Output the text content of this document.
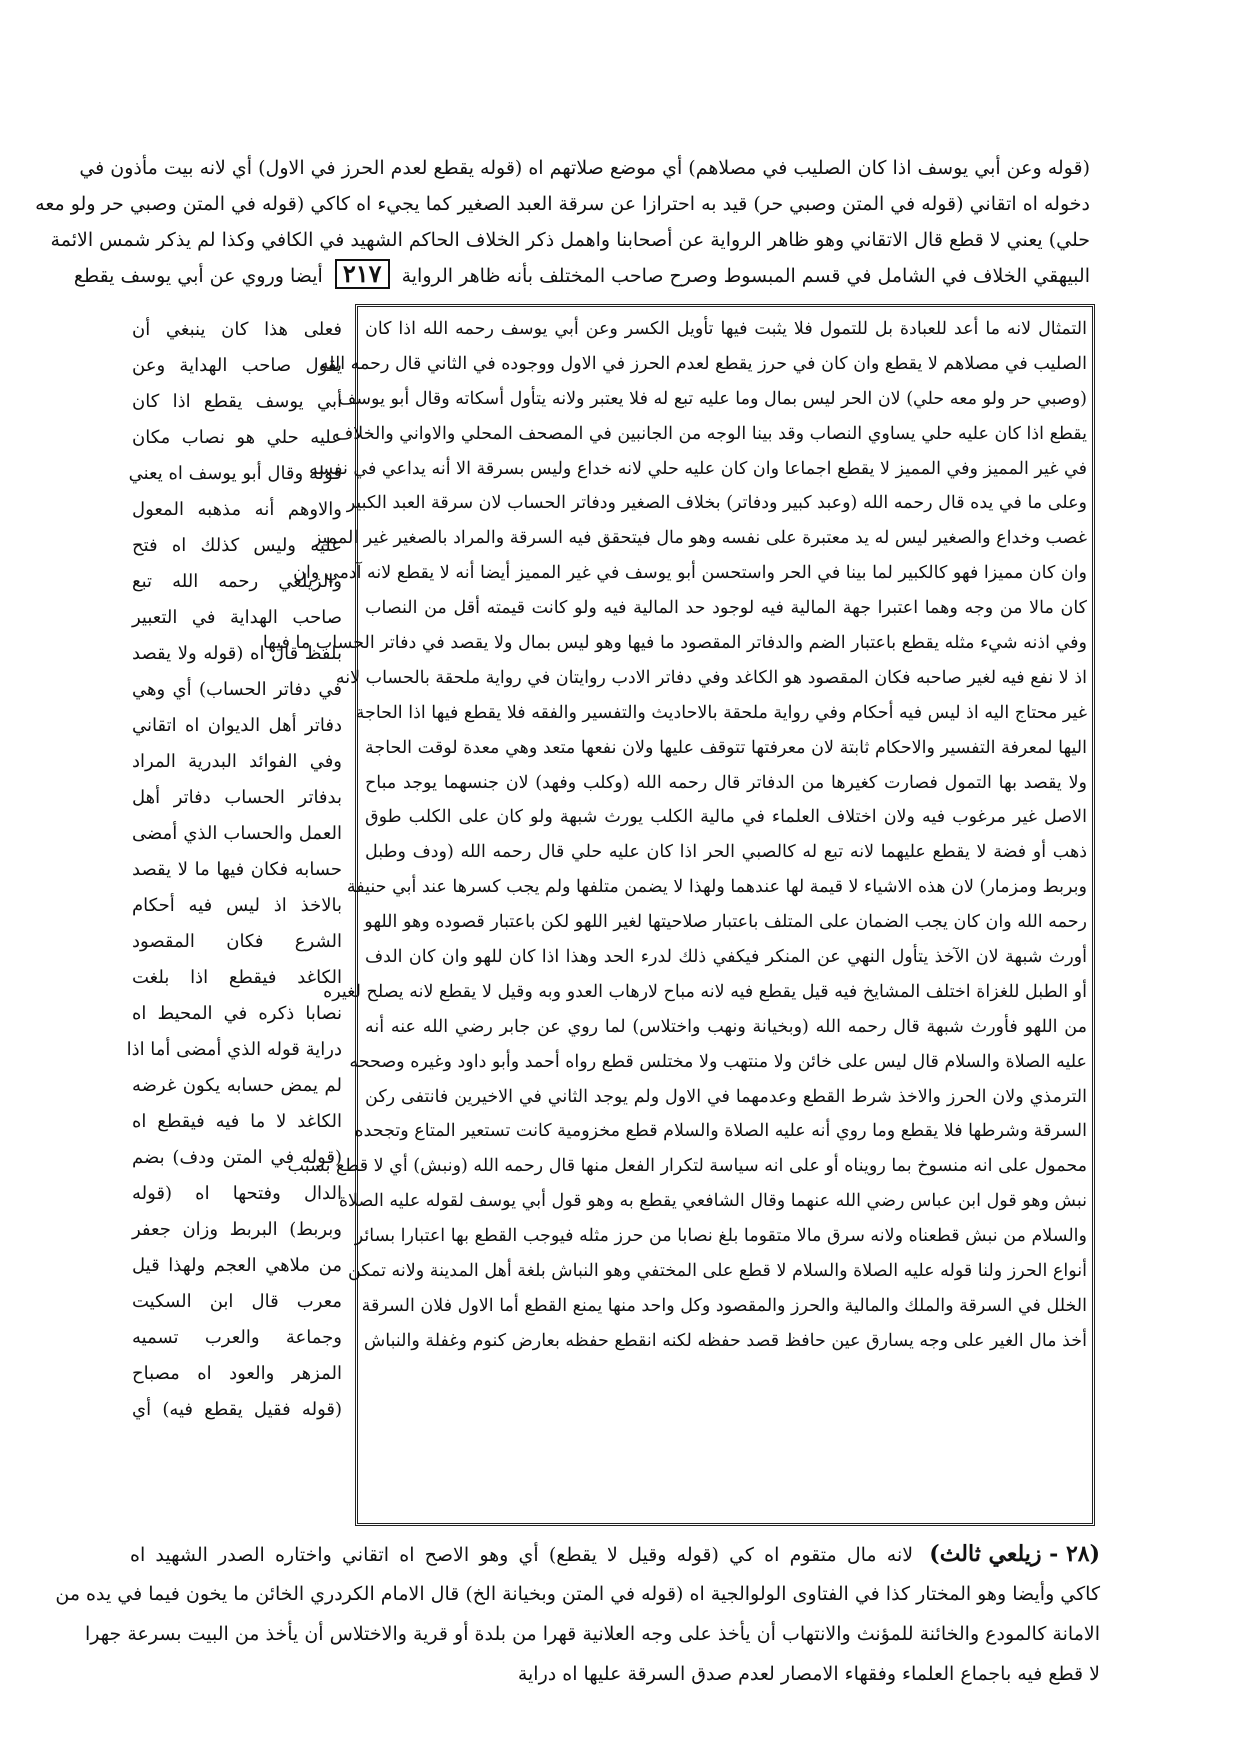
(قوله وعن أبي يوسف اذا كان الصليب في مصلاهم) أي موضع صلاتهم اه (قوله يقطع لعدم الحرز في الاول) أي لانه بيت مأذون في
دخوله اه اتقاني (قوله في المتن وصبي حر) قيد به احترازا عن سرقة العبد الصغير كما يجيء اه كاكي (قوله في المتن وصبي حر ولو معه
حلي) يعني لا قطع قال الاتقاني وهو ظاهر الرواية عن أصحابنا واهمل ذكر الخلاف الحاكم الشهيد في الكافي وكذا لم يذكر شمس الائمة
البيهقي الخلاف في الشامل في قسم المبسوط وصرح صاحب المختلف بأنه ظاهر الرواية ٢١٧ أيضا وروي عن أبي يوسف يقطع
التمثال لانه ما أعد للعبادة بل للتمول فلا يثبت فيها تأويل الكسر وعن أبي يوسف رحمه الله اذا كان
الصليب في مصلاهم لا يقطع وان كان في حرز يقطع لعدم الحرز في الاول ووجوده في الثاني قال رحمه الله
(وصبي حر ولو معه حلي) لان الحر ليس بمال وما عليه تبع له فلا يعتبر ولانه يتأول أسكاته وقال أبو يوسف
يقطع اذا كان عليه حلي يساوي النصاب وقد بينا الوجه من الجانبين في المصحف المحلي والاواني والخلاف
في غير المميز وفي المميز لا يقطع اجماعا وان كان عليه حلي لانه خداع وليس بسرقة الا أنه يداعي في نفسه
وعلى ما في يده قال رحمه الله (وعبد كبير ودفاتر) بخلاف الصغير ودفاتر الحساب لان سرقة العبد الكبير
غصب وخداع والصغير ليس له يد معتبرة على نفسه وهو مال فيتحقق فيه السرقة والمراد بالصغير غير المميز
وان كان مميزا فهو كالكبير لما بينا في الحر واستحسن أبو يوسف في غير المميز أيضا أنه لا يقطع لانه آدمي وان
كان مالا من وجه وهما اعتبرا جهة المالية فيه لوجود حد المالية فيه ولو كانت قيمته أقل من النصاب
وفي اذنه شيء مثله يقطع باعتبار الضم والدفاتر المقصود ما فيها وهو ليس بمال ولا يقصد في دفاتر الحساب ما فيها
اذ لا نفع فيه لغير صاحبه فكان المقصود هو الكاغد وفي دفاتر الادب روايتان في رواية ملحقة بالحساب لانه
غير محتاج اليه اذ ليس فيه أحكام وفي رواية ملحقة بالاحاديث والتفسير والفقه فلا يقطع فيها اذا الحاجة
اليها لمعرفة التفسير والاحكام ثابتة لان معرفتها تتوقف عليها ولان نفعها متعد وهي معدة لوقت الحاجة
ولا يقصد بها التمول فصارت كغيرها من الدفاتر قال رحمه الله (وكلب وفهد) لان جنسهما يوجد مباح
الاصل غير مرغوب فيه ولان اختلاف العلماء في مالية الكلب يورث شبهة ولو كان على الكلب طوق
ذهب أو فضة لا يقطع عليهما لانه تبع له كالصبي الحر اذا كان عليه حلي قال رحمه الله (ودف وطبل
وبربط ومزمار) لان هذه الاشياء لا قيمة لها عندهما ولهذا لا يضمن متلفها ولم يجب كسرها عند أبي حنيفة
رحمه الله وان كان يجب الضمان على المتلف باعتبار صلاحيتها لغير اللهو لكن باعتبار قصوده وهو اللهو
أورث شبهة لان الآخذ يتأول النهي عن المنكر فيكفي ذلك لدرء الحد وهذا اذا كان للهو وان كان الدف
أو الطبل للغزاة اختلف المشايخ فيه قيل يقطع فيه لانه مباح لارهاب العدو وبه وقيل لا يقطع لانه يصلح لغيره
من اللهو فأورث شبهة قال رحمه الله (وبخيانة ونهب واختلاس) لما روي عن جابر رضي الله عنه أنه
عليه الصلاة والسلام قال ليس على خائن ولا منتهب ولا مختلس قطع رواه أحمد وأبو داود وغيره وصححه
الترمذي ولان الحرز والاخذ شرط القطع وعدمهما في الاول ولم يوجد الثاني في الاخيرين فانتفى ركن
السرقة وشرطها فلا يقطع وما روي أنه عليه الصلاة والسلام قطع مخزومية كانت تستعير المتاع وتجحده
محمول على انه منسوخ بما رويناه أو على انه سياسة لتكرار الفعل منها قال رحمه الله (ونبش) أي لا قطع بسبب
نبش وهو قول ابن عباس رضي الله عنهما وقال الشافعي يقطع به وهو قول أبي يوسف لقوله عليه الصلاة
والسلام من نبش قطعناه ولانه سرق مالا متقوما بلغ نصابا من حرز مثله فيوجب القطع بها اعتبارا بسائر
أنواع الحرز ولنا قوله عليه الصلاة والسلام لا قطع على المختفي وهو النباش بلغة أهل المدينة ولانه تمكن
الخلل في السرقة والملك والمالية والحرز والمقصود وكل واحد منها يمنع القطع أما الاول فلان السرقة
أخذ مال الغير على وجه يسارق عين حافظ قصد حفظه لكنه انقطع حفظه بعارض كنوم وغفلة والنباش
فعلى هذا كان ينبغي أن
يقول صاحب الهداية وعن
أبي يوسف يقطع اذا كان
عليه حلي هو نصاب مكان
قوله وقال أبو يوسف اه يعني
والاوهم أنه مذهبه المعول
عليه وليس كذلك اه فتح
والزيلعي رحمه الله تبع
صاحب الهداية في التعبير
بلفظ قال اه (قوله ولا يقصد
في دفاتر الحساب) أي وهي
دفاتر أهل الديوان اه اتقاني
وفي الفوائد البدرية المراد
بدفاتر الحساب دفاتر أهل
العمل والحساب الذي أمضى
حسابه فكان فيها ما لا يقصد
بالاخذ اذ ليس فيه أحكام
الشرع فكان المقصود
الكاغد فيقطع اذا بلغت
نصابا ذكره في المحيط اه
دراية قوله الذي أمضى أما اذا
لم يمض حسابه يكون غرضه
الكاغد لا ما فيه فيقطع اه
(قوله في المتن ودف) بضم
الدال وفتحها اه (قوله
وبربط) البربط وزان جعفر
من ملاهي العجم ولهذا قيل
معرب قال ابن السكيت
وجماعة والعرب تسميه
المزهر والعود اه مصباح
(قوله فقيل يقطع فيه) أي
(٢٨ - زيلعي ثالث) لانه مال متقوم اه كي (قوله وقيل لا يقطع) أي وهو الاصح اه اتقاني واختاره الصدر الشهيد اه
كاكي وأيضا وهو المختار كذا في الفتاوى الولوالجية اه (قوله في المتن وبخيانة الخ) قال الامام الكردري الخائن ما يخون فيما في يده من
الامانة كالمودع والخائنة للمؤنث والانتهاب أن يأخذ على وجه العلانية قهرا من بلدة أو قرية والاختلاس أن يأخذ من البيت بسرعة جهرا
لا قطع فيه باجماع العلماء وفقهاء الامصار لعدم صدق السرقة عليها اه دراية
